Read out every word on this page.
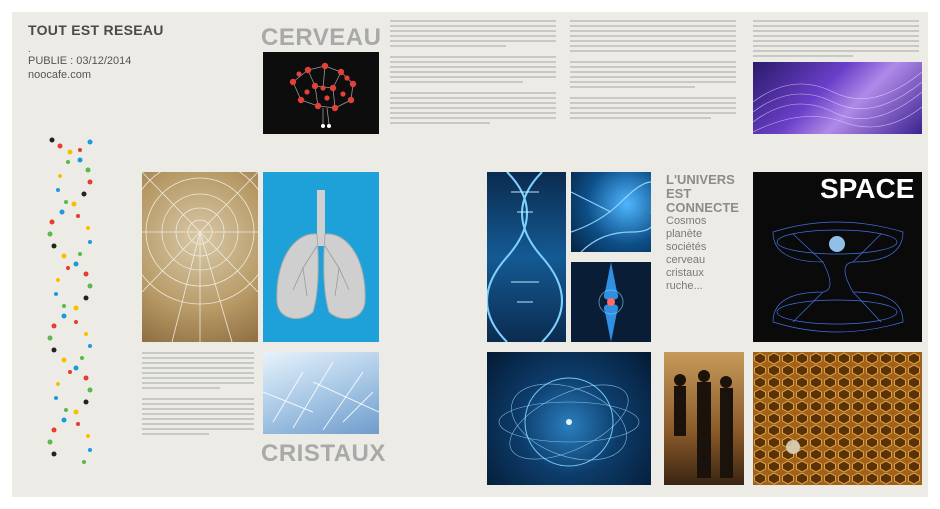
TOUT EST RESEAU
.
PUBLIE : 03/12/2014
noocafe.com
CERVEAU
CRISTAUX
L'UNIVERS EST CONNECTE
Cosmos
planète
sociétés
cerveau
cristaux
ruche...
SPACE
